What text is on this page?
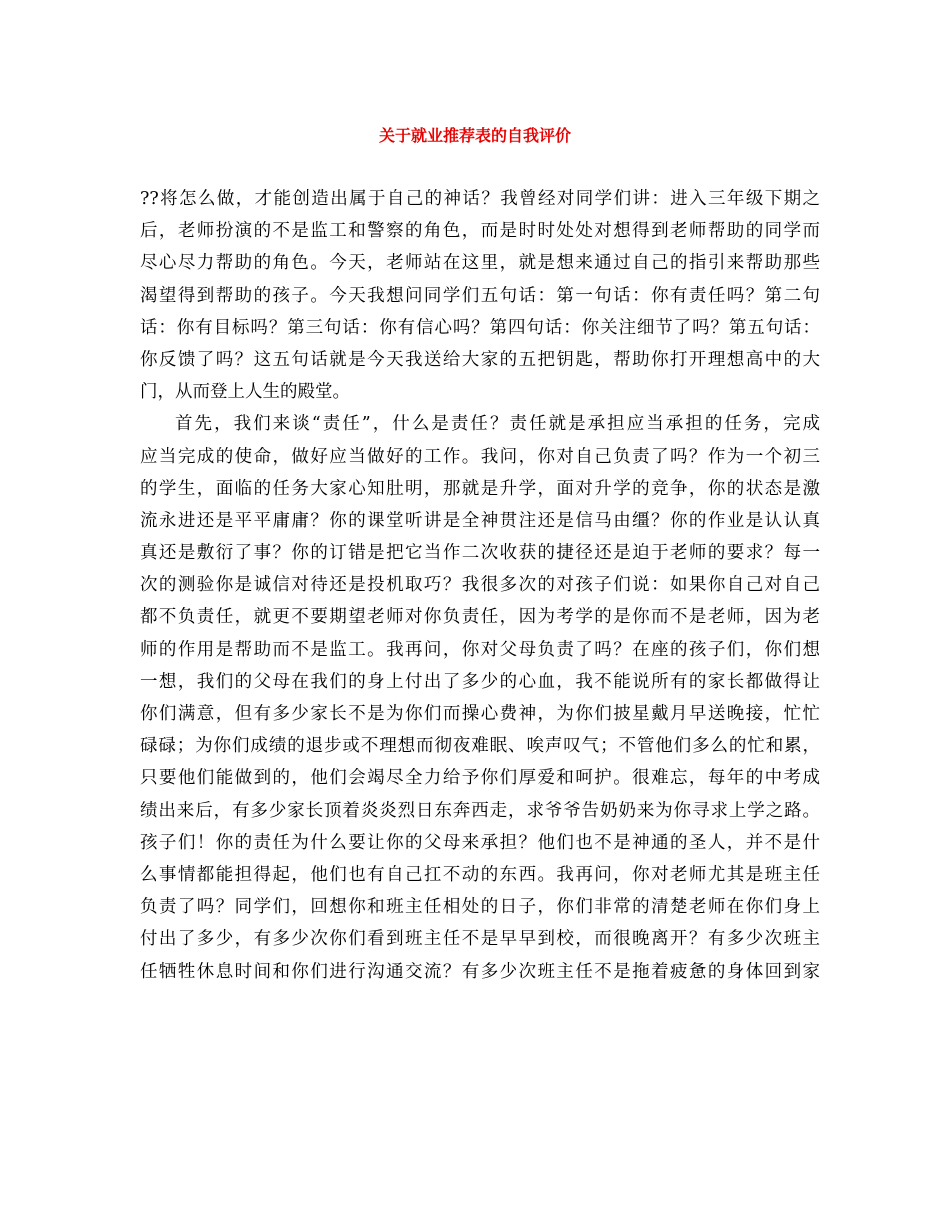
关于就业推荐表的自我评价
??将怎么做，才能创造出属于自己的神话？我曾经对同学们讲：进入三年级下期之
后，老师扮演的不是监工和警察的角色，而是时时处处对想得到老师帮助的同学而
尽心尽力帮助的角色。今天，老师站在这里，就是想来通过自己的指引来帮助那些
渴望得到帮助的孩子。今天我想问同学们五句话：第一句话：你有责任吗？第二句
话：你有目标吗？第三句话：你有信心吗？第四句话：你关注细节了吗？第五句话：
你反馈了吗？这五句话就是今天我送给大家的五把钥匙，帮助你打开理想高中的大
门，从而登上人生的殿堂。
首先，我们来谈“责任”，什么是责任？责任就是承担应当承担的任务，完成
应当完成的使命，做好应当做好的工作。我问，你对自己负责了吗？作为一个初三
的学生，面临的任务大家心知肚明，那就是升学，面对升学的竞争，你的状态是激
流永进还是平平庸庸？你的课堂听讲是全神贯注还是信马由缰？你的作业是认认真
真还是敷衍了事？你的订错是把它当作二次收获的捷径还是迫于老师的要求？每一
次的测验你是诚信对待还是投机取巧？我很多次的对孩子们说：如果你自己对自己
都不负责任，就更不要期望老师对你负责任，因为考学的是你而不是老师，因为老
师的作用是帮助而不是监工。我再问，你对父母负责了吗？在座的孩子们，你们想
一想，我们的父母在我们的身上付出了多少的心血，我不能说所有的家长都做得让
你们满意，但有多少家长不是为你们而操心费神，为你们披星戴月早送晚接，忙忙
碌碌；为你们成绩的退步或不理想而彻夜难眠、唉声叹气；不管他们多么的忙和累，
只要他们能做到的，他们会竭尽全力给予你们厚爱和呵护。很难忘，每年的中考成
绩出来后，有多少家长顶着炎炎烈日东奔西走，求爷爷告奶奶来为你寻求上学之路。
孩子们！你的责任为什么要让你的父母来承担？他们也不是神通的圣人，并不是什
么事情都能担得起，他们也有自己扛不动的东西。我再问，你对老师尤其是班主任
负责了吗？同学们，回想你和班主任相处的日子，你们非常的清楚老师在你们身上
付出了多少，有多少次你们看到班主任不是早早到校，而很晚离开？有多少次班主
任牺牲休息时间和你们进行沟通交流？有多少次班主任不是拖着疲惫的身体回到家
